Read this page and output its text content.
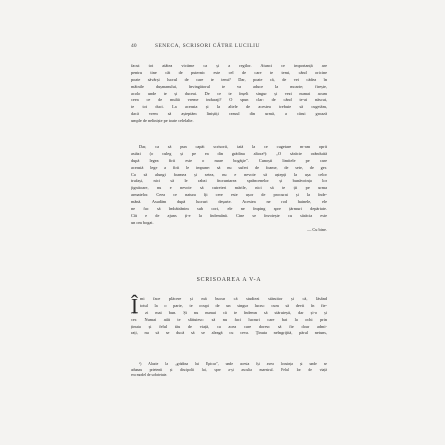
40	SENECA, SCRISORI CĂTRE LUCILIU
facut tot atâtea victime ca și a regilor. Atunci ce importanță are
pentru tine cât de puternic este cel de care te temi, când oricine
poate săvârși lucrul de care te temi? Dar, poate că, de vei cădea în
mâinile dușmanului, învingătorul te va aduce la moarte; firește,
acolo unde te și duceai. De ce te înșeli singur și vezi numai acum
ceea ce de multă vreme induraţi? O spun clar: de când te-ai născut,
te tot duci. La aceasta și la altele de acestea trebuie să cugetăm,
dacă vrem să așteptăm liniștiți ceasul din urmă, a cărui groază
umple de neliniște pe toate celelalte.
Dar, ca să pun capăt scrisorii, iată la ce cugetare m-am oprit
astăzi (o culeg și pe ea din grădina altora¹): „O sărăcie orânduită
după legea firii este o mare bogăţie". Cunoști limitele pe care
această lege a firii le impune: să nu suferi de foame, de sete, de ger.
Ca să alungi foamea și setea, nu e nevoie să aștepți la ușa celor
trufași, nici să le rabzi încruntarea sprâncenelor și bunăvoința lor
jignitoare, nu e nevoie să cutreieri mările, nici să te ții pe urma
armatelor. Ceea ce natura îți cere este ușor de procurat și la înde-
mână. Asudăm după lucruri deșarte. Acestea ne rod hainele, ele
ne fac să îmbătrânim sub cort, ele ne împing spre țărmuri depărtate.
Cât e de ajuns ți-e la îndemână. Cine se învoiește cu sărăcia este
un om bogat.
— Cu bine.
SCRISOAREA A V-A
Î mi face plăcere și mă bucur că studiezi stăruitor și că, lăsând
totul la o parte, te ocupi de un singur lucru: cum să devii în fie-
care zi mai bun. Și nu numai că te îndemn să stăruiești, dar și-o și
cer. Numai atât te sfătuiesc: să nu faci lucruri care bat la ochi prin
ținuta și felul tău de viață, ca acea care doresc să fie doar admi-
rați, nu să se ducă să se aleagă cu ceva. Ţinuta neîngrijită, părul netuns,
¹) Aluzie la „grădina lui Epicur", unde acesta își avea locuința și unde se
adunau prietenii și discipolii lui, spre a-și asculta maestrul. Felul lor de viață
era model de sobrietate.
